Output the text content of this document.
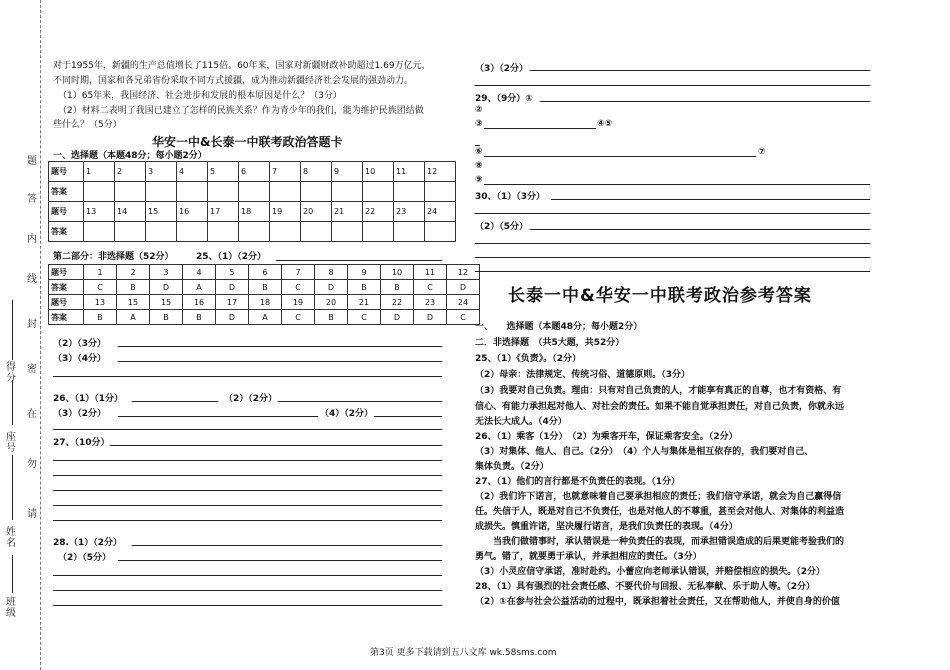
题
答
内
线
封
密
在
勿
请
得分
座号
姓名
班级
对于1955年，新疆的生产总值增长了115倍。60年来，国家对新疆财政补助超过1.69万亿元，
不同时期，国家和各兄弟省份采取不同方式援疆，成为推动新疆经济社会发展的强劲动力。
（1）65年来，我国经济、社会进步和发展的根本原因是什么？（3分）
（2）材料二表明了我国已建立了怎样的民族关系？作为青少年的我们，能为维护民族团结做
些什么？（5分）
华安一中&长泰一中联考政治答题卡
一、选择题（本题48分；每小题2分）
题号	1	2	3	4	5	6	7	8	9	10	11	12
答案												
题号	13	14	15	16	17	18	19	20	21	22	23	24
答案												
第二部分：非选择题（52分） 25、（1）（2分）
题号	1	2	3	4	5	6	7	8	9	10	11	12
答案	C	B	D	A	D	B	C	D	B	B	C	D
题号	13	15	15	16	17	18	19	20	21	22	23	24
答案	B	A	B	B	D	A	C	B	C	D	D	C
（2）（3分）
（3）（4分）
26、（1）（1分）	（2）（2分）
（3）（2分）	（4）（2分）
27、（10分）
28.（1）（2分）
（2）（5分）
（3）（2分）
29、（9分）①
②
③	④⑤
⑥	⑦
⑧
⑨
30、（1）（3分）
（2）（5分）
长泰一中&华安一中联考政治参考答案
一、　　选择题（本题48分；每小题2分）
二．非选择题　（共5大题，共52分）
25、（1）《负责》。（2分）
（2）母亲：法律规定、传统习俗、道德原则。（3分）
（3）我要对自己负责。理由：只有对自己负责的人，才能享有真正的自尊，也才有资格、有
信心、有能力承担起对他人、对社会的责任。如果不能自觉承担责任，对自己负责，你就永远
无法长大成人。（4分）
26、（1）乘客（1分）　（2）为乘客开车，保证乘客安全。（2分）
（3）对集体、他人、自己。（2分）　（4）个人与集体是相互依存的，我们要对自己、
集体负责。（2分）
27、（1）他们的言行都是不负责任的表现。（1分）
（2）我们许下诺言，也就意味着自己要承担相应的责任；我们信守承诺，就会为自己赢得信
任。失信于人，既是对自己不负责任，也是对他人的不尊重，甚至会对他人、对集体的利益造
成损失。慎重许诺，坚决履行诺言，是我们负责任的表现。（4分）
　　当我们做错事时，承认错误是一种负责任的表现，而承担错误造成的后果更能考验我们的
勇气。错了，就要勇于承认，并承担相应的责任。（3分）
（3）小灵应信守承诺，准时赴约。小蕾应向老师承认错误，并赔偿相应的损失。（2分）
28、（1）具有强烈的社会责任感、不要代价与回报、无私奉献、乐于助人等。（2分）
（2）①在参与社会公益活动的过程中，既承担着社会责任，又在帮助他人，并使自身的价值
第3页 更多下载请到五八文库 wk.58sms.com
